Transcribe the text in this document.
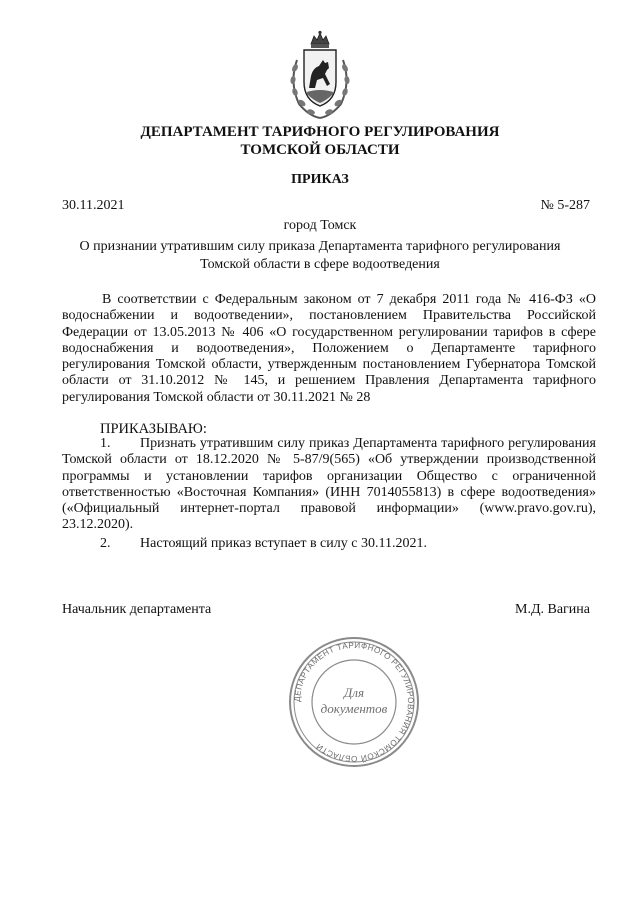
ДЕПАРТАМЕНТ ТАРИФНОГО РЕГУЛИРОВАНИЯ

ТОМСКОЙ ОБЛАСТИ

ПРИКАЗ

30.11.2021	№ 5-287
город Томск

О признании утратившим силу приказа Департамента тарифного регулирования Томской области в сфере водоотведения

В соответствии с Федеральным законом от 7 декабря 2011 года № 416-ФЗ «О водоснабжении и водоотведении», постановлением Правительства Российской Федерации от 13.05.2013 № 406 «О государственном регулировании тарифов в сфере водоснабжения и водоотведения», Положением о Департаменте тарифного регулирования Томской области, утвержденным постановлением Губернатора Томской области от 31.10.2012 № 145, и решением Правления Департамента тарифного регулирования Томской области от 30.11.2021 № 28

ПРИКАЗЫВАЮ:

1. Признать утратившим силу приказ Департамента тарифного регулирования Томской области от 18.12.2020 № 5-87/9(565) «Об утверждении производственной программы и установлении тарифов организации Общество с ограниченной ответственностью «Восточная Компания» (ИНН 7014055813) в сфере водоотведения» («Официальный интернет-портал правовой информации» (www.pravo.gov.ru), 23.12.2020).

2. Настоящий приказ вступает в силу с 30.11.2021.

Начальник департамента	М.Д. Вагина
ДЕПАРТАМЕНТ ТАРИФНОГО РЕГУЛИРОВАНИЯ ТОМСКОЙ ОБЛАСТИ
Для
документов
